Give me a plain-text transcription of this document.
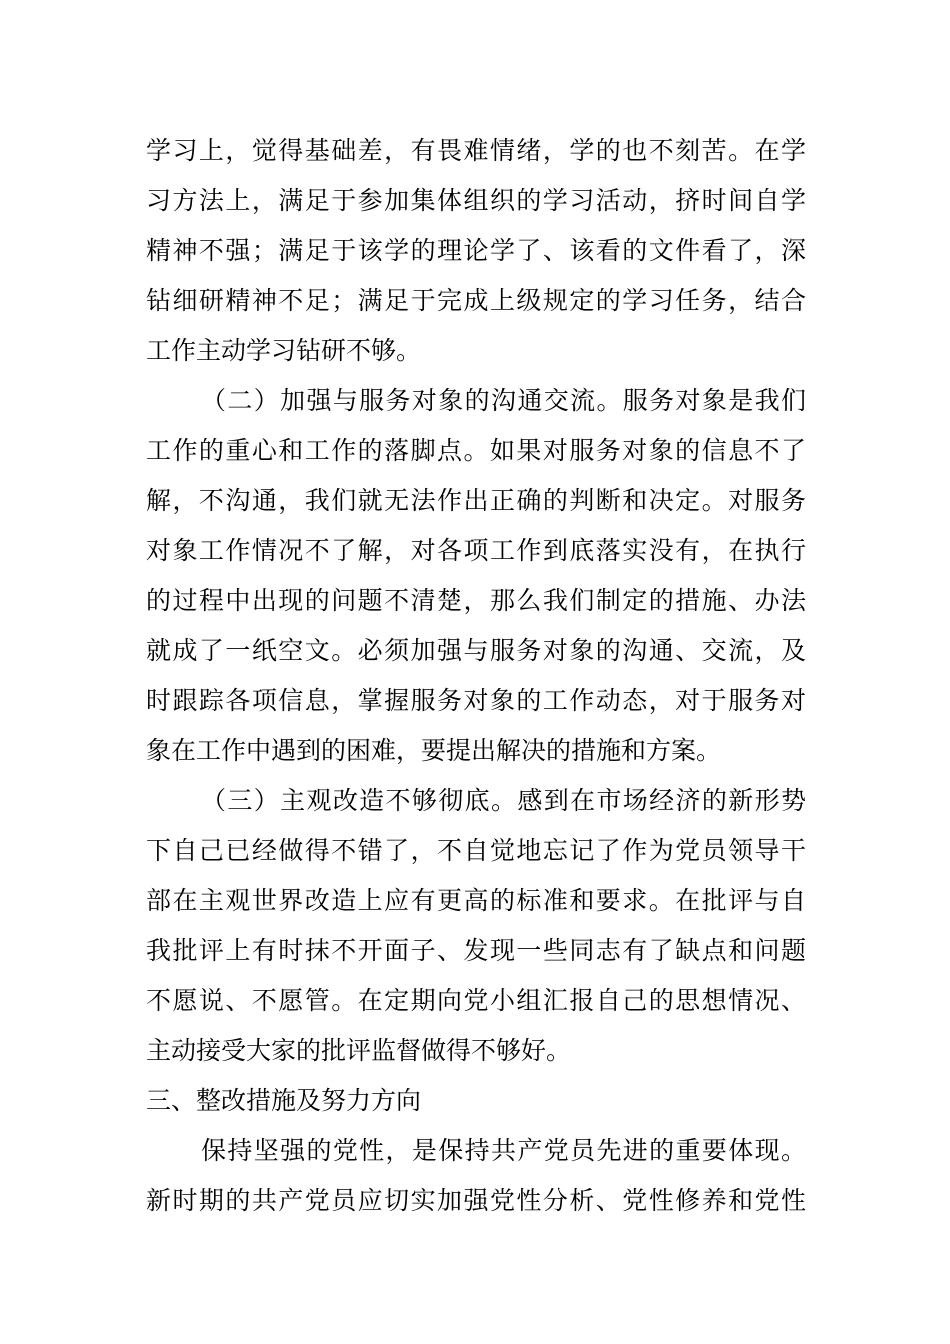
学习上，觉得基础差，有畏难情绪，学的也不刻苦。在学
习方法上，满足于参加集体组织的学习活动，挤时间自学
精神不强；满足于该学的理论学了、该看的文件看了，深
钻细研精神不足；满足于完成上级规定的学习任务，结合
工作主动学习钻研不够。
（二）加强与服务对象的沟通交流。服务对象是我们
工作的重心和工作的落脚点。如果对服务对象的信息不了
解，不沟通，我们就无法作出正确的判断和决定。对服务
对象工作情况不了解，对各项工作到底落实没有，在执行
的过程中出现的问题不清楚，那么我们制定的措施、办法
就成了一纸空文。必须加强与服务对象的沟通、交流，及
时跟踪各项信息，掌握服务对象的工作动态，对于服务对
象在工作中遇到的困难，要提出解决的措施和方案。
（三）主观改造不够彻底。感到在市场经济的新形势
下自己已经做得不错了，不自觉地忘记了作为党员领导干
部在主观世界改造上应有更高的标准和要求。在批评与自
我批评上有时抹不开面子、发现一些同志有了缺点和问题
不愿说、不愿管。在定期向党小组汇报自己的思想情况、
主动接受大家的批评监督做得不够好。
三、整改措施及努力方向
保持坚强的党性，是保持共产党员先进的重要体现。
新时期的共产党员应切实加强党性分析、党性修养和党性
